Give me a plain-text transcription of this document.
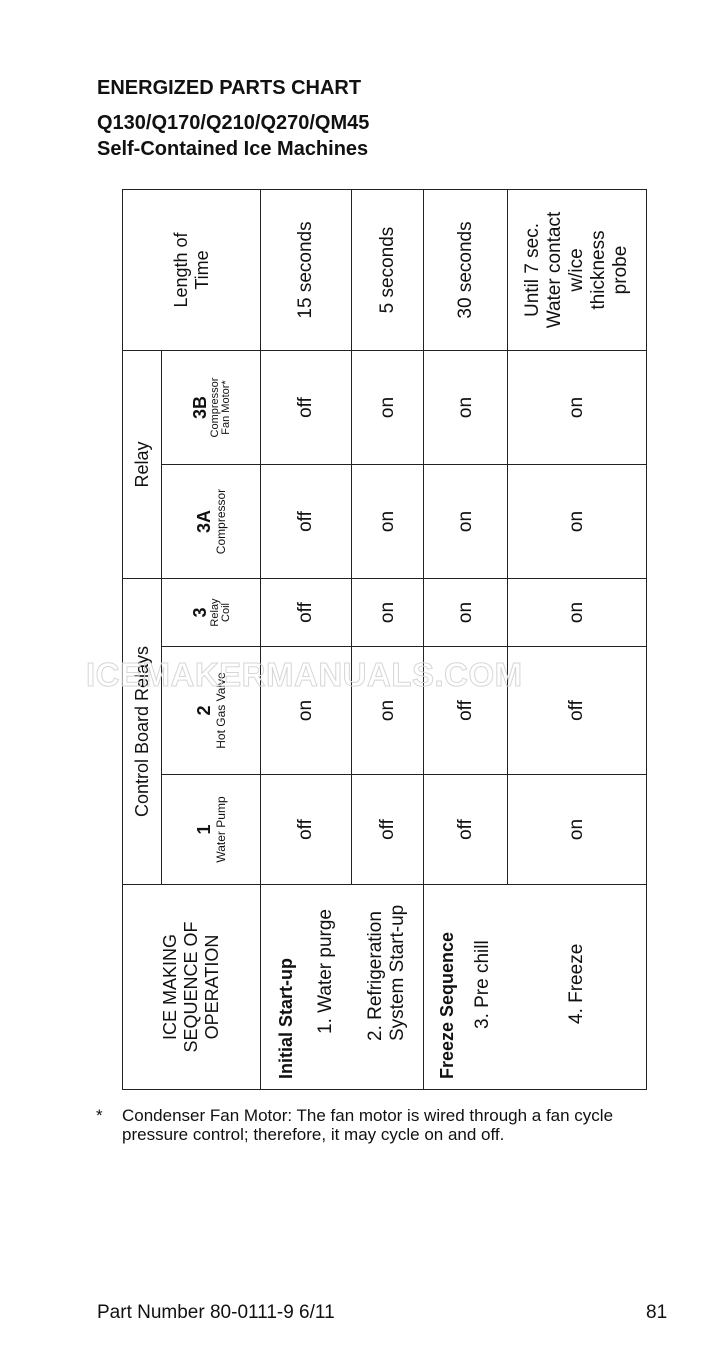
ENERGIZED PARTS CHART
Q130/Q170/Q210/Q270/QM45
Self-Contained Ice Machines
ICE MAKING
SEQUENCE OF
OPERATION	Control Board Relays			Relay		Length of
Time

	1 Water Pump	2 Hot Gas Valve	3 Relay Coil	3A Compressor	3B Compressor Fan Motor*	

Initial Start-up 1. Water purge	off	on	off	off	off	15 seconds

2. Refrigeration System Start-up	off	on	on	on	on	5 seconds

Freeze Sequence 3. Pre chill	off	off	on	on	on	30 seconds

4. Freeze	on	off	on	on	on	Until 7 sec.
Water contact
w/ice
thickness
probe
ICEMAKERMANUALS.COM
* Condenser Fan Motor: The fan motor is wired through a fan cycle pressure control; therefore, it may cycle on and off.

Part Number 80-0111-9 6/11	81
